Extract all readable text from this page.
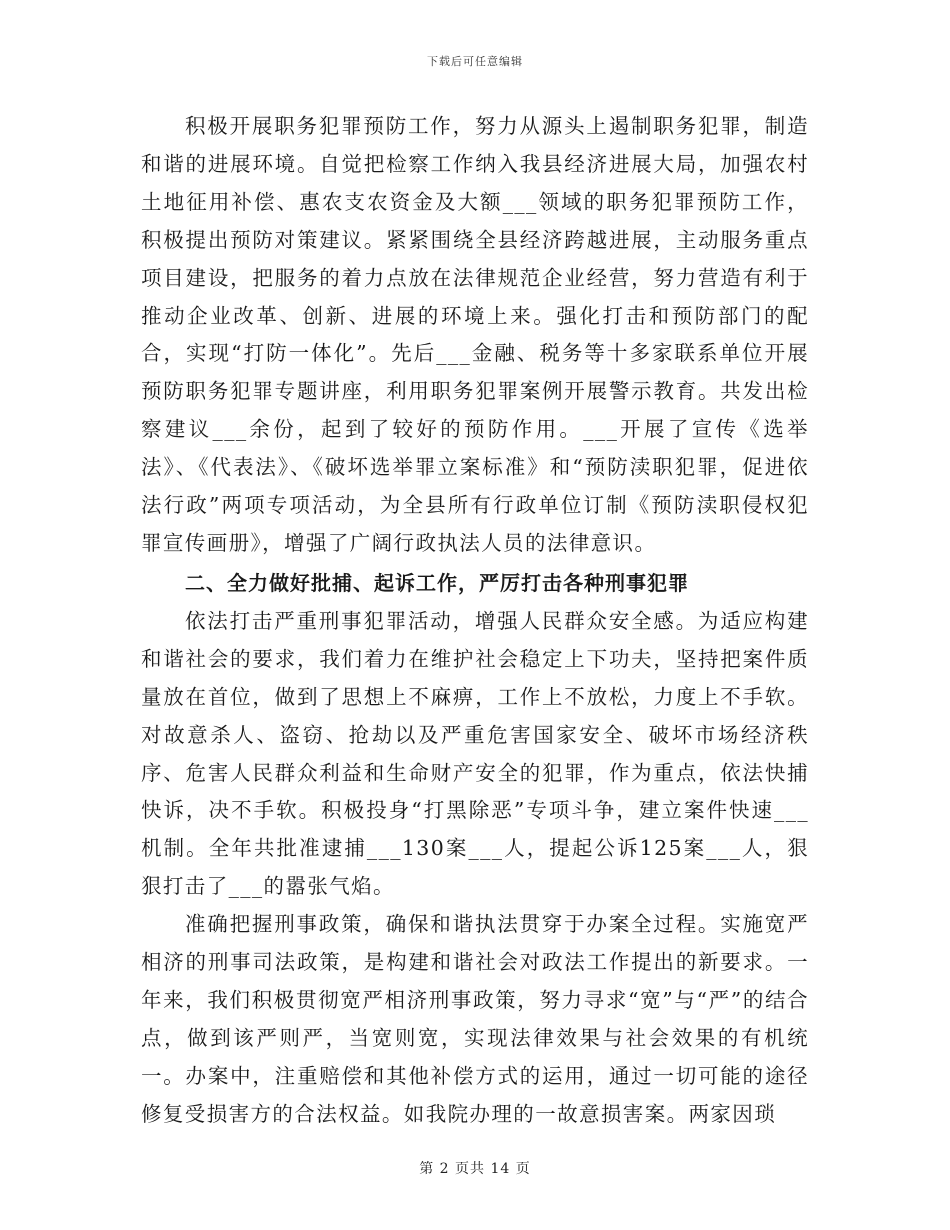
下载后可任意编辑

积极开展职务犯罪预防工作，努力从源头上遏制职务犯罪，制造和谐的进展环境。自觉把检察工作纳入我县经济进展大局，加强农村土地征用补偿、惠农支农资金及大额___领域的职务犯罪预防工作，积极提出预防对策建议。紧紧围绕全县经济跨越进展，主动服务重点项目建设，把服务的着力点放在法律规范企业经营，努力营造有利于推动企业改革、创新、进展的环境上来。强化打击和预防部门的配合，实现“打防一体化”。先后___金融、税务等十多家联系单位开展预防职务犯罪专题讲座，利用职务犯罪案例开展警示教育。共发出检察建议___余份，起到了较好的预防作用。___开展了宣传《选举法》、《代表法》、《破坏选举罪立案标准》和“预防渎职犯罪，促进依法行政”两项专项活动，为全县所有行政单位订制《预防渎职侵权犯罪宣传画册》，增强了广阔行政执法人员的法律意识。

二、全力做好批捕、起诉工作，严厉打击各种刑事犯罪

依法打击严重刑事犯罪活动，增强人民群众安全感。为适应构建和谐社会的要求，我们着力在维护社会稳定上下功夫，坚持把案件质量放在首位，做到了思想上不麻痹，工作上不放松，力度上不手软。对故意杀人、盗窃、抢劫以及严重危害国家安全、破坏市场经济秩序、危害人民群众利益和生命财产安全的犯罪，作为重点，依法快捕快诉，决不手软。积极投身“打黑除恶”专项斗争，建立案件快速___机制。全年共批准逮捕___130案___人，提起公诉125案___人，狠狠打击了___的嚣张气焰。

准确把握刑事政策，确保和谐执法贯穿于办案全过程。实施宽严相济的刑事司法政策，是构建和谐社会对政法工作提出的新要求。一年来，我们积极贯彻宽严相济刑事政策，努力寻求“宽”与“严”的结合点，做到该严则严，当宽则宽，实现法律效果与社会效果的有机统一。办案中，注重赔偿和其他补偿方式的运用，通过一切可能的途径修复受损害方的合法权益。如我院办理的一故意损害案。两家因琐

第 2 页共 14 页
